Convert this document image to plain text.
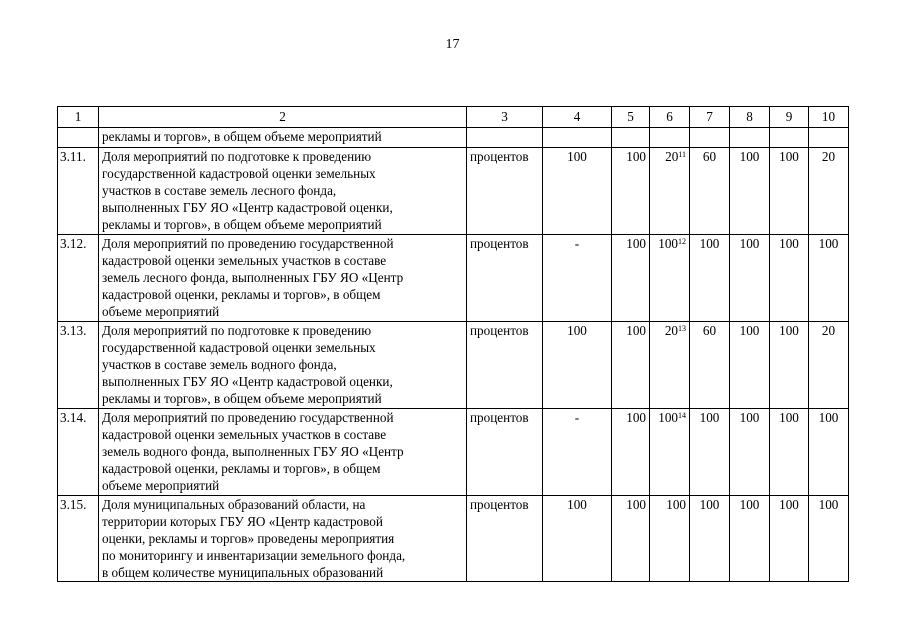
17
1	2	3	4	5	6	7	8	9	10
	рекламы и торгов», в общем объеме мероприятий								
3.11.	Доля мероприятий по подготовке к проведению
государственной кадастровой оценки земельных
участков в составе земель лесного фонда,
выполненных ГБУ ЯО «Центр кадастровой оценки,
рекламы и торгов», в общем объеме мероприятий	процентов	100	100	$20^{11}$	60	100	100	20
3.12.	Доля мероприятий по проведению государственной
кадастровой оценки земельных участков в составе
земель лесного фонда, выполненных ГБУ ЯО «Центр
кадастровой оценки, рекламы и торгов», в общем
объеме мероприятий	процентов	-	100	$100^{12}$	100	100	100	100
3.13.	Доля мероприятий по подготовке к проведению
государственной кадастровой оценки земельных
участков в составе земель водного фонда,
выполненных ГБУ ЯО «Центр кадастровой оценки,
рекламы и торгов», в общем объеме мероприятий	процентов	100	100	$20^{13}$	60	100	100	20
3.14.	Доля мероприятий по проведению государственной
кадастровой оценки земельных участков в составе
земель водного фонда, выполненных ГБУ ЯО «Центр
кадастровой оценки, рекламы и торгов», в общем
объеме мероприятий	процентов	-	100	$100^{14}$	100	100	100	100
3.15.	Доля муниципальных образований области, на
территории которых ГБУ ЯО «Центр кадастровой
оценки, рекламы и торгов» проведены мероприятия
по мониторингу и инвентаризации земельного фонда,
в общем количестве муниципальных образований	процентов	100	100	100	100	100	100	100
